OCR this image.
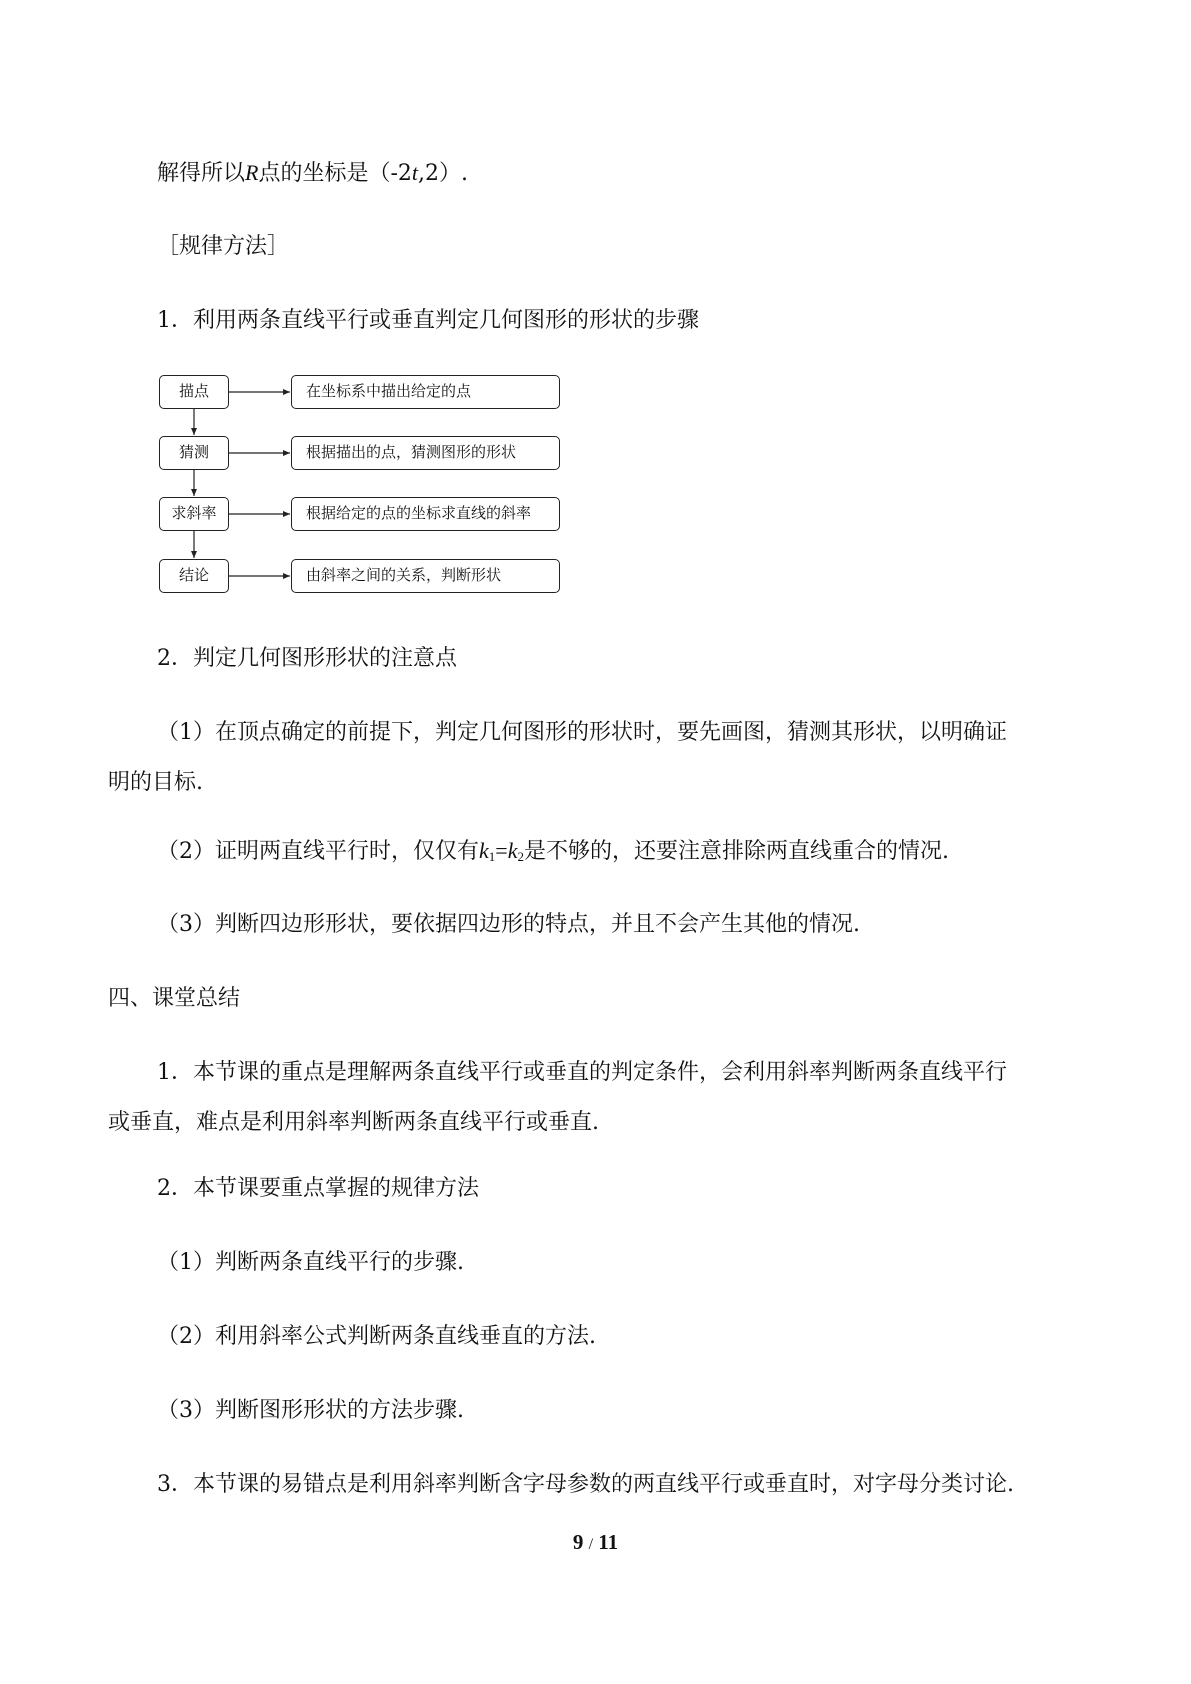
解得所以R点的坐标是（-2t,2）.
［规律方法］
1．利用两条直线平行或垂直判定几何图形的形状的步骤
描点	在坐标系中描出给定的点
猜测	根据描出的点，猜测图形的形状
求斜率	根据给定的点的坐标求直线的斜率
结论	由斜率之间的关系，判断形状
2．判定几何图形形状的注意点
（1）在顶点确定的前提下，判定几何图形的形状时，要先画图，猜测其形状，以明确证
明的目标.
（2）证明两直线平行时，仅仅有$k_1=k_2$是不够的，还要注意排除两直线重合的情况.
（3）判断四边形形状，要依据四边形的特点，并且不会产生其他的情况.
四、课堂总结
1．本节课的重点是理解两条直线平行或垂直的判定条件，会利用斜率判断两条直线平行
或垂直，难点是利用斜率判断两条直线平行或垂直.
2．本节课要重点掌握的规律方法
（1）判断两条直线平行的步骤.
（2）利用斜率公式判断两条直线垂直的方法.
（3）判断图形形状的方法步骤.
3．本节课的易错点是利用斜率判断含字母参数的两直线平行或垂直时，对字母分类讨论.
9 / 11
